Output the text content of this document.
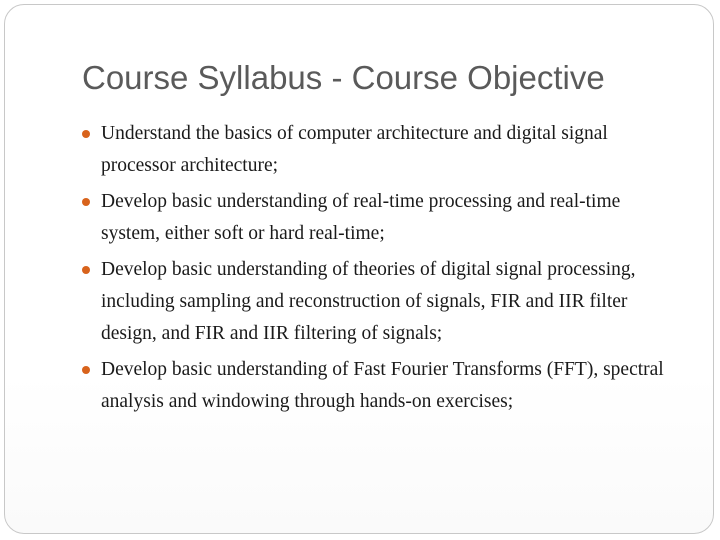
Course Syllabus - Course Objective
Understand the basics of computer architecture and digital signal processor architecture;
Develop basic understanding of real-time processing and real-time system, either soft or hard real-time;
Develop basic understanding of theories of digital signal processing, including sampling and reconstruction of signals, FIR and IIR filter design, and FIR and IIR filtering of signals;
Develop basic understanding of Fast Fourier Transforms (FFT), spectral analysis and windowing through hands-on exercises;
